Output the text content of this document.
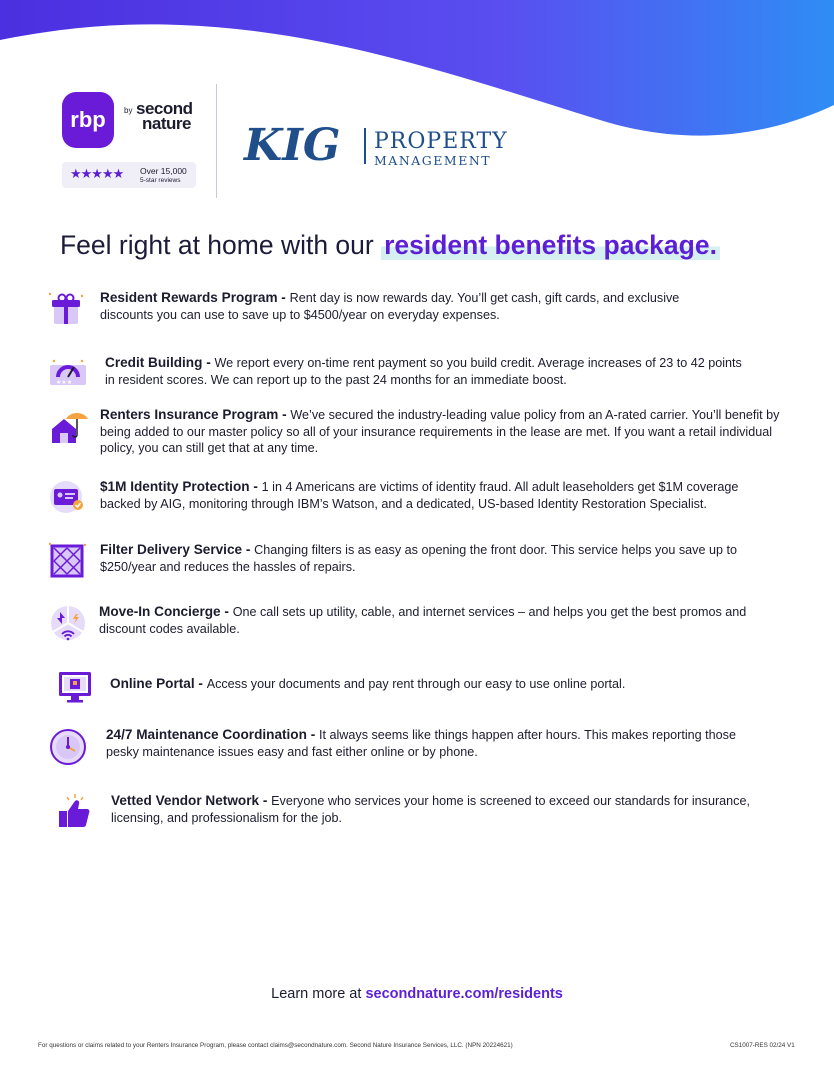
rbp	by second
nature
★★★★★ Over 15,000
5-star reviews
KIG PROPERTY
MANAGEMENT
Feel right at home with our resident benefits package.
Resident Rewards Program - Rent day is now rewards day. You’ll get cash, gift cards, and exclusive discounts you can use to save up to $4500/year on everyday expenses.
★★★
Credit Building - We report every on-time rent payment so you build credit. Average increases of 23 to 42 points in resident scores. We can report up to the past 24 months for an immediate boost.
Renters Insurance Program - We’ve secured the industry-leading value policy from an A-rated carrier. You’ll benefit by being added to our master policy so all of your insurance requirements in the lease are met. If you want a retail individual policy, you can still get that at any time.
$1M Identity Protection - 1 in 4 Americans are victims of identity fraud. All adult leaseholders get $1M coverage backed by AIG, monitoring through IBM’s Watson, and a dedicated, US-based Identity Restoration Specialist.
Filter Delivery Service - Changing filters is as easy as opening the front door. This service helps you save up to $250/year and reduces the hassles of repairs.
Move-In Concierge - One call sets up utility, cable, and internet services – and helps you get the best promos and discount codes available.
Online Portal - Access your documents and pay rent through our easy to use online portal.
24/7 Maintenance Coordination - It always seems like things happen after hours. This makes reporting those pesky maintenance issues easy and fast either online or by phone.
Vetted Vendor Network - Everyone who services your home is screened to exceed our standards for insurance, licensing, and professionalism for the job.
Learn more at secondnature.com/residents
For questions or claims related to your Renters Insurance Program, please contact claims@secondnature.com. Second Nature Insurance Services, LLC. (NPN 20224621)	CS1007-RES 02/24 V1
